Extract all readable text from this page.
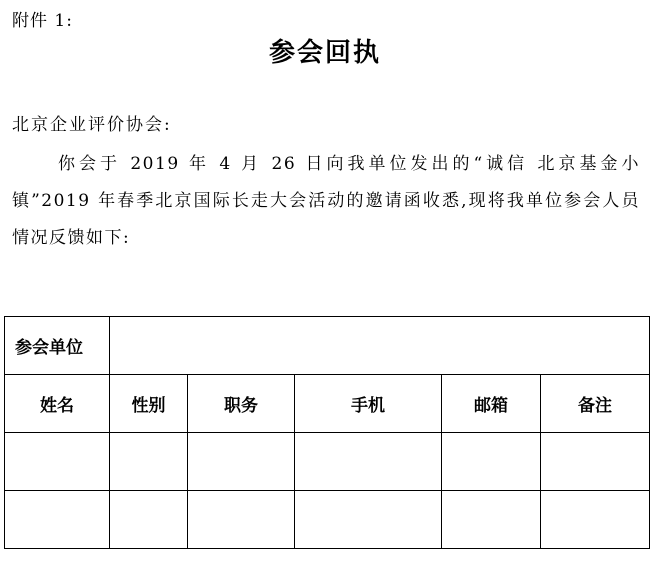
附件 1:
参会回执
北京企业评价协会:
你会于 2019 年 4 月 26 日向我单位发出的“诚信 北京基金小镇”2019 年春季北京国际长走大会活动的邀请函收悉,现将我单位参会人员情况反馈如下:
参会单位					
姓名	性别	职务	手机	邮箱	备注
